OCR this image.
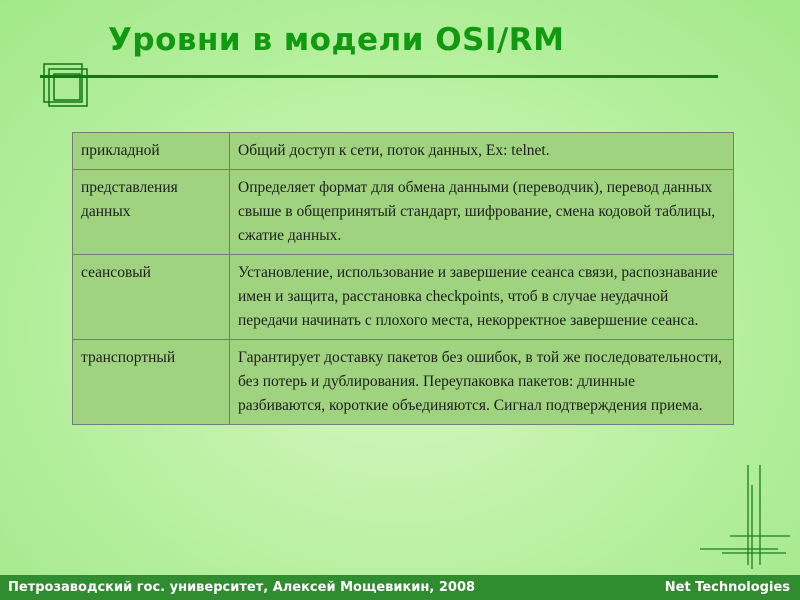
Уровни в модели OSI/RM
прикладной	Общий доступ к сети, поток данных, Ex: telnet.
представления данных	Определяет формат для обмена данными (переводчик), перевод данных свыше в общепринятый стандарт, шифрование, смена кодовой таблицы, сжатие данных.
сеансовый	Установление, использование и завершение сеанса связи, распознавание имен и защита, расстановка checkpoints, чтоб в случае неудачной передачи начинать с плохого места, некорректное завершение сеанса.
транспортный	Гарантирует доставку пакетов без ошибок, в той же последовательности, без потерь и дублирования. Переупаковка пакетов: длинные разбиваются, короткие объединяются. Сигнал подтверждения приема.
Петрозаводский гос. университет, Алексей Мощевикин, 2008	Net Technologies
